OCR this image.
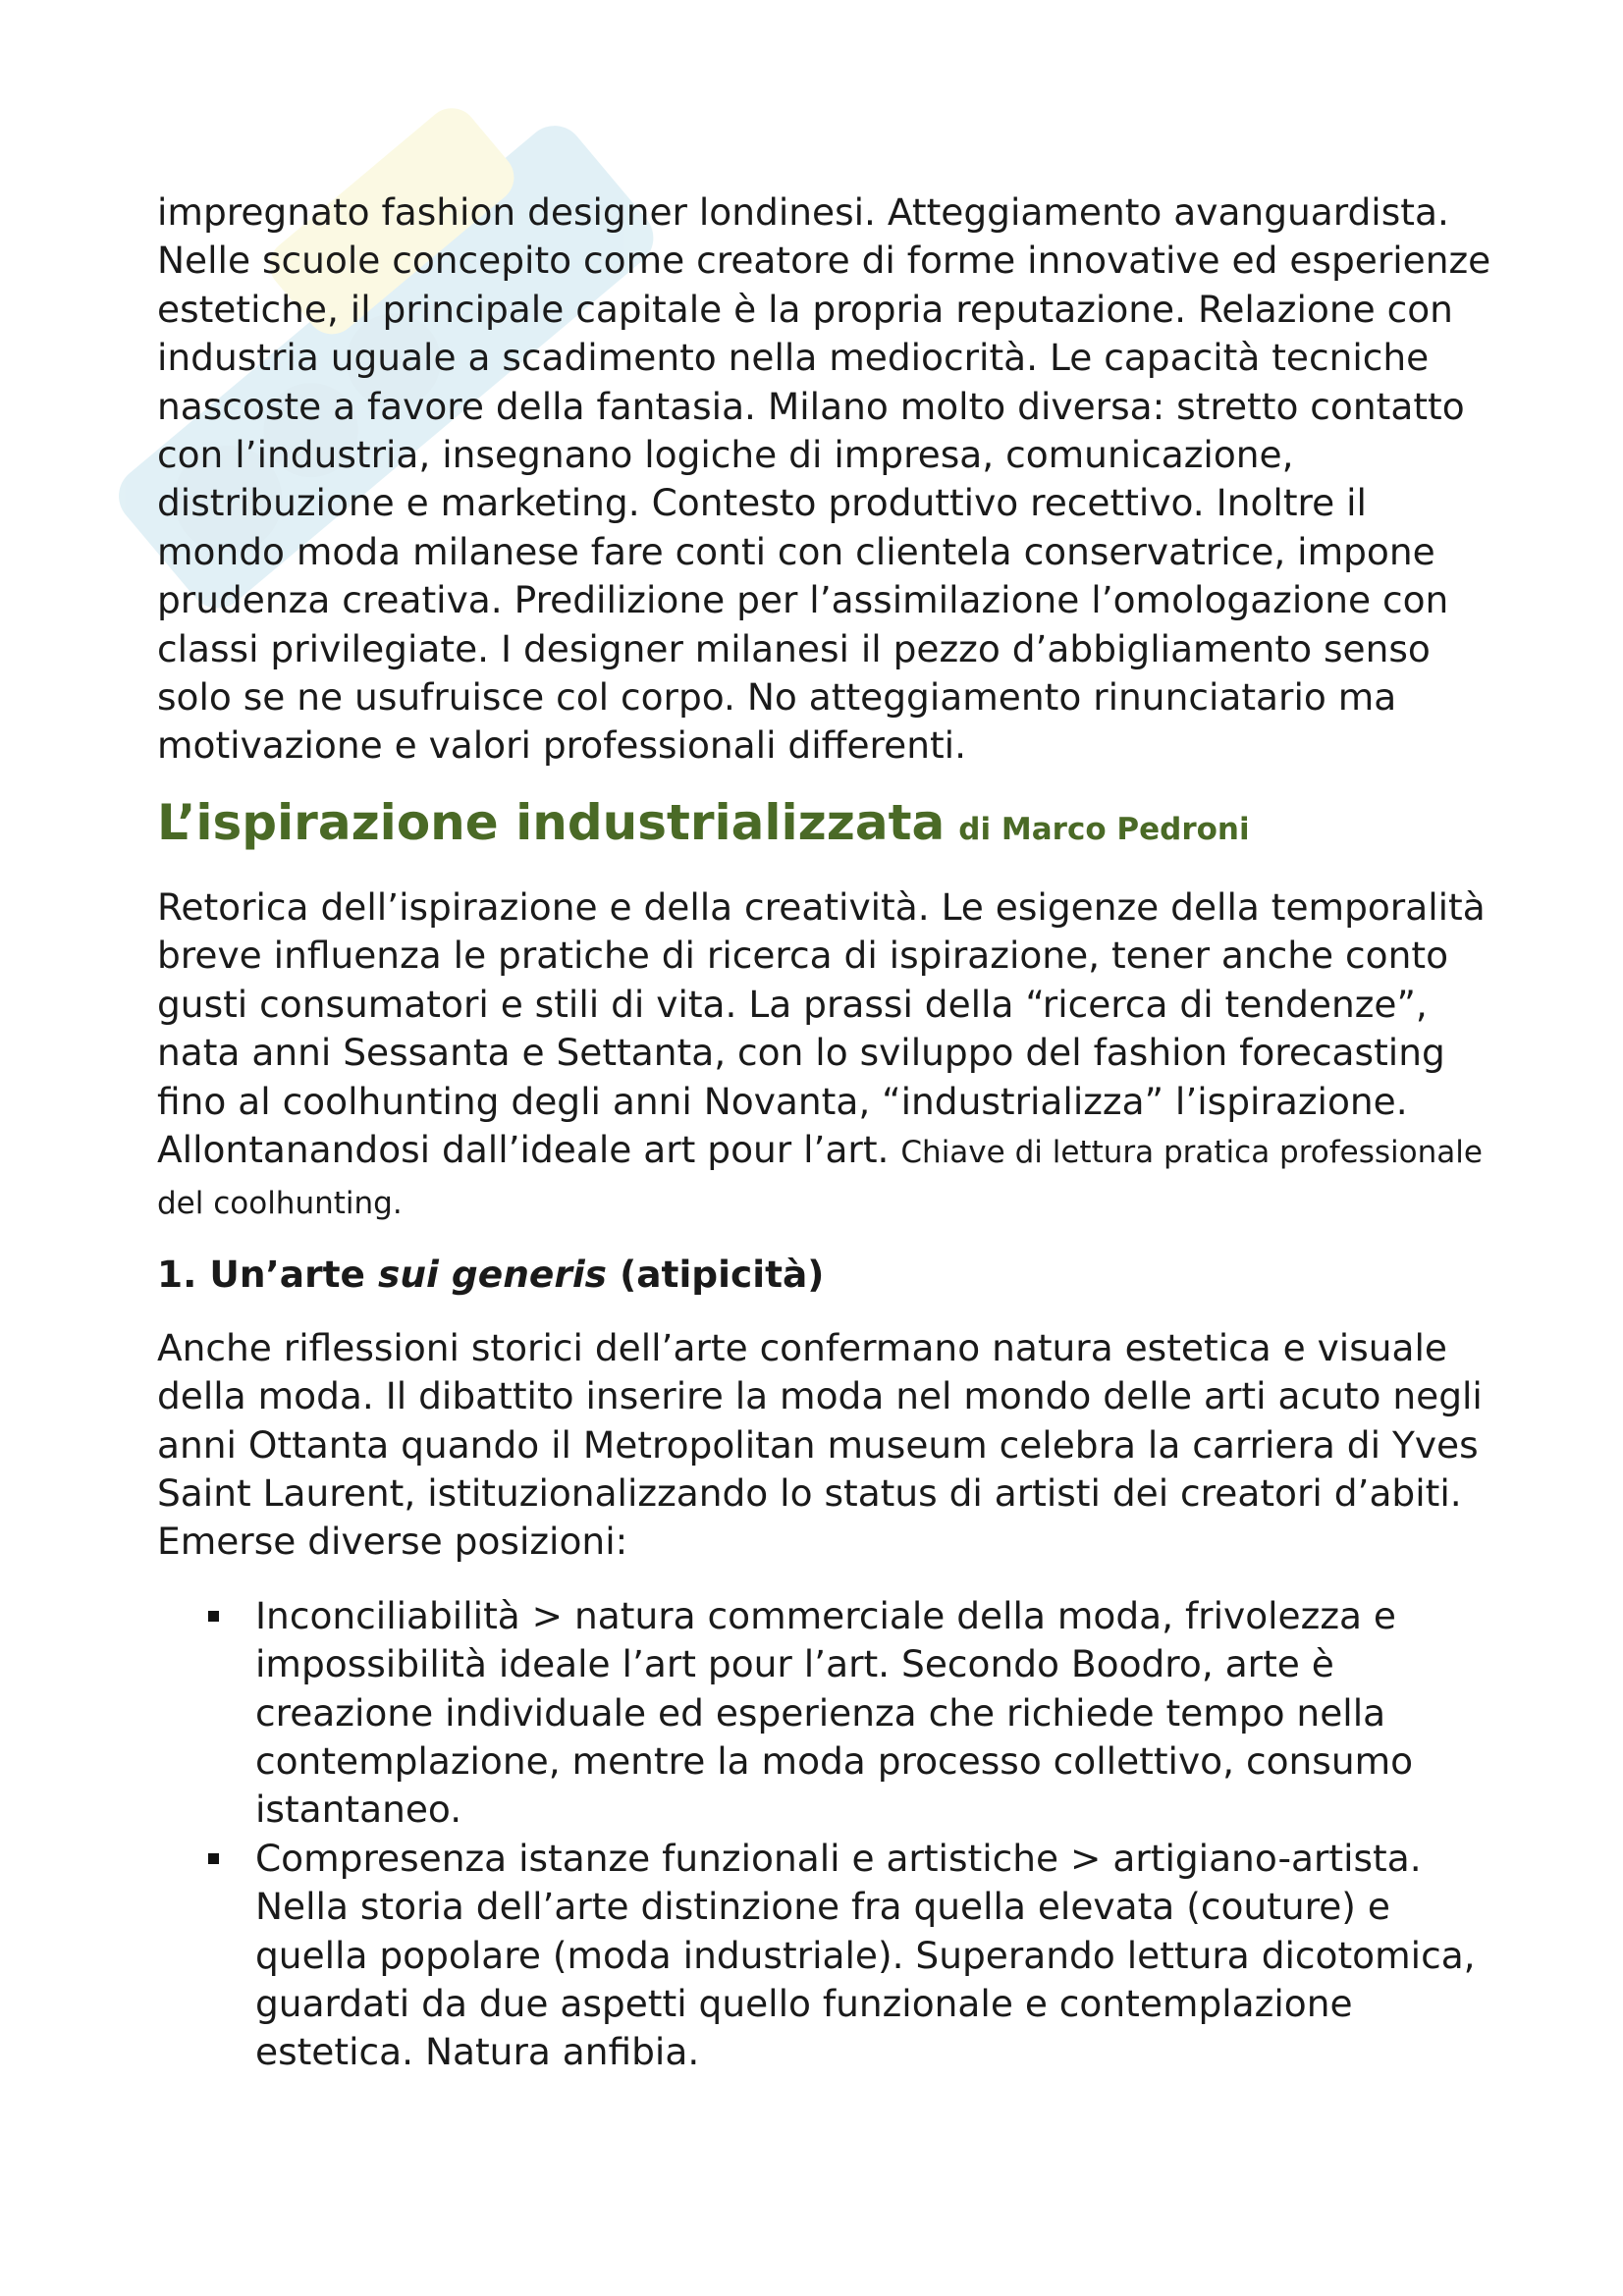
impregnato fashion designer londinesi. Atteggiamento avanguardista. Nelle scuole concepito come creatore di forme innovative ed esperienze estetiche, il principale capitale è la propria reputazione. Relazione con industria uguale a scadimento nella mediocrità. Le capacità tecniche nascoste a favore della fantasia. Milano molto diversa: stretto contatto con l’industria, insegnano logiche di impresa, comunicazione, distribuzione e marketing. Contesto produttivo recettivo. Inoltre il mondo moda milanese fare conti con clientela conservatrice, impone prudenza creativa. Predilizione per l’assimilazione l’omologazione con classi privilegiate. I designer milanesi il pezzo d’abbigliamento senso solo se ne usufruisce col corpo. No atteggiamento rinunciatario ma motivazione e valori professionali differenti.

L’ispirazione industrializzata di Marco Pedroni

Retorica dell’ispirazione e della creatività. Le esigenze della temporalità breve influenza le pratiche di ricerca di ispirazione, tener anche conto gusti consumatori e stili di vita. La prassi della “ricerca di tendenze”, nata anni Sessanta e Settanta, con lo sviluppo del fashion forecasting fino al coolhunting degli anni Novanta, “industrializza” l’ispirazione. Allontanandosi dall’ideale art pour l’art. Chiave di lettura pratica professionale del coolhunting.

1. Un’arte sui generis (atipicità)

Anche riflessioni storici dell’arte confermano natura estetica e visuale della moda. Il dibattito inserire la moda nel mondo delle arti acuto negli anni Ottanta quando il Metropolitan museum celebra la carriera di Yves Saint Laurent, istituzionalizzando lo status di artisti dei creatori d’abiti. Emerse diverse posizioni:

Inconciliabilità > natura commerciale della moda, frivolezza e impossibilità ideale l’art pour l’art. Secondo Boodro, arte è creazione individuale ed esperienza che richiede tempo nella contemplazione, mentre la moda processo collettivo, consumo istantaneo.
Compresenza istanze funzionali e artistiche > artigiano-artista. Nella storia dell’arte distinzione fra quella elevata (couture) e quella popolare (moda industriale). Superando lettura dicotomica, guardati da due aspetti quello funzionale e contemplazione estetica. Natura anfibia.
